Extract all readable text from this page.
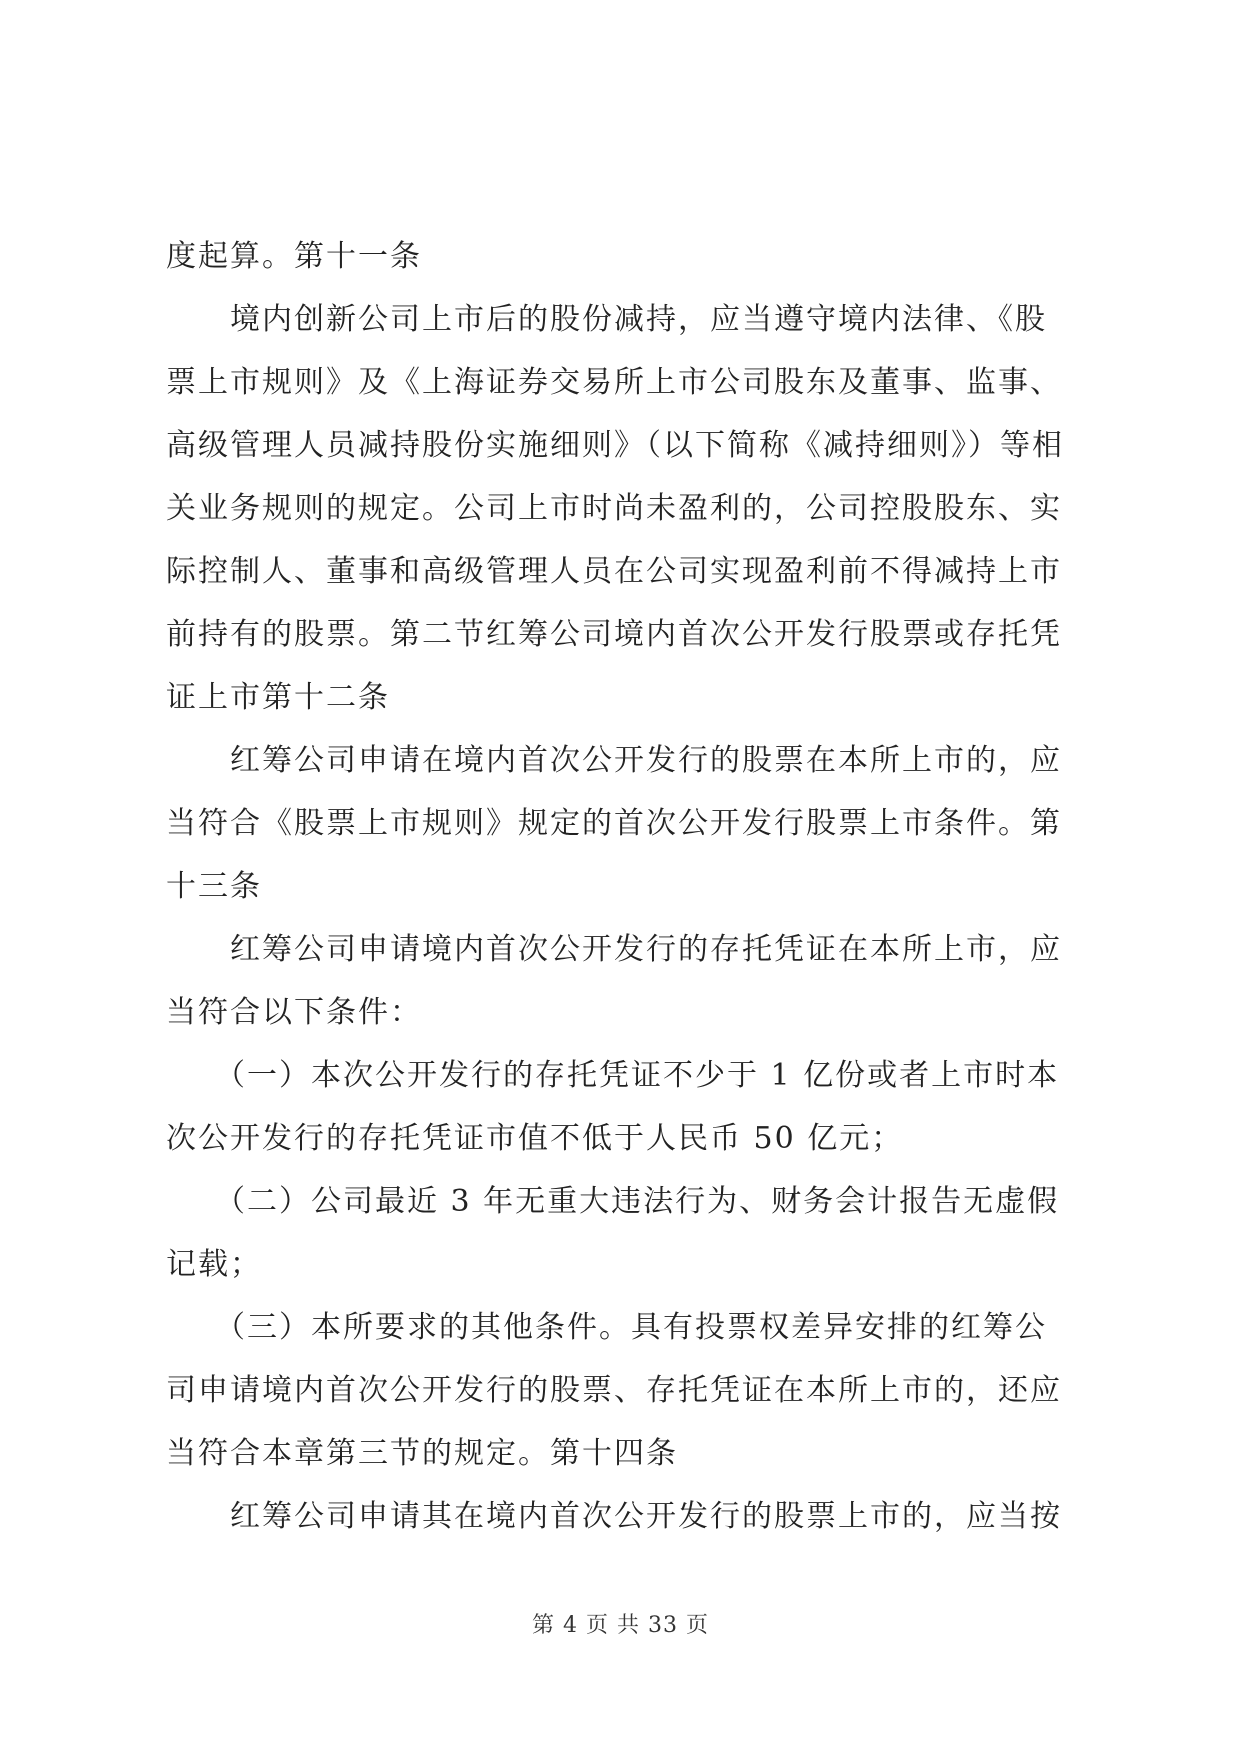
度起算。第十一条
　　境内创新公司上市后的股份减持，应当遵守境内法律、《股
票上市规则》及《上海证券交易所上市公司股东及董事、监事、
高级管理人员减持股份实施细则》（以下简称《减持细则》）等相
关业务规则的规定。公司上市时尚未盈利的，公司控股股东、实
际控制人、董事和高级管理人员在公司实现盈利前不得减持上市
前持有的股票。第二节红筹公司境内首次公开发行股票或存托凭
证上市第十二条
　　红筹公司申请在境内首次公开发行的股票在本所上市的，应
当符合《股票上市规则》规定的首次公开发行股票上市条件。第
十三条
　　红筹公司申请境内首次公开发行的存托凭证在本所上市，应
当符合以下条件：
　　（一）本次公开发行的存托凭证不少于 1 亿份或者上市时本
次公开发行的存托凭证市值不低于人民币 50 亿元；
　　（二）公司最近 3 年无重大违法行为、财务会计报告无虚假
记载；
　　（三）本所要求的其他条件。具有投票权差异安排的红筹公
司申请境内首次公开发行的股票、存托凭证在本所上市的，还应
当符合本章第三节的规定。第十四条
　　红筹公司申请其在境内首次公开发行的股票上市的，应当按
第 4 页 共 33 页
